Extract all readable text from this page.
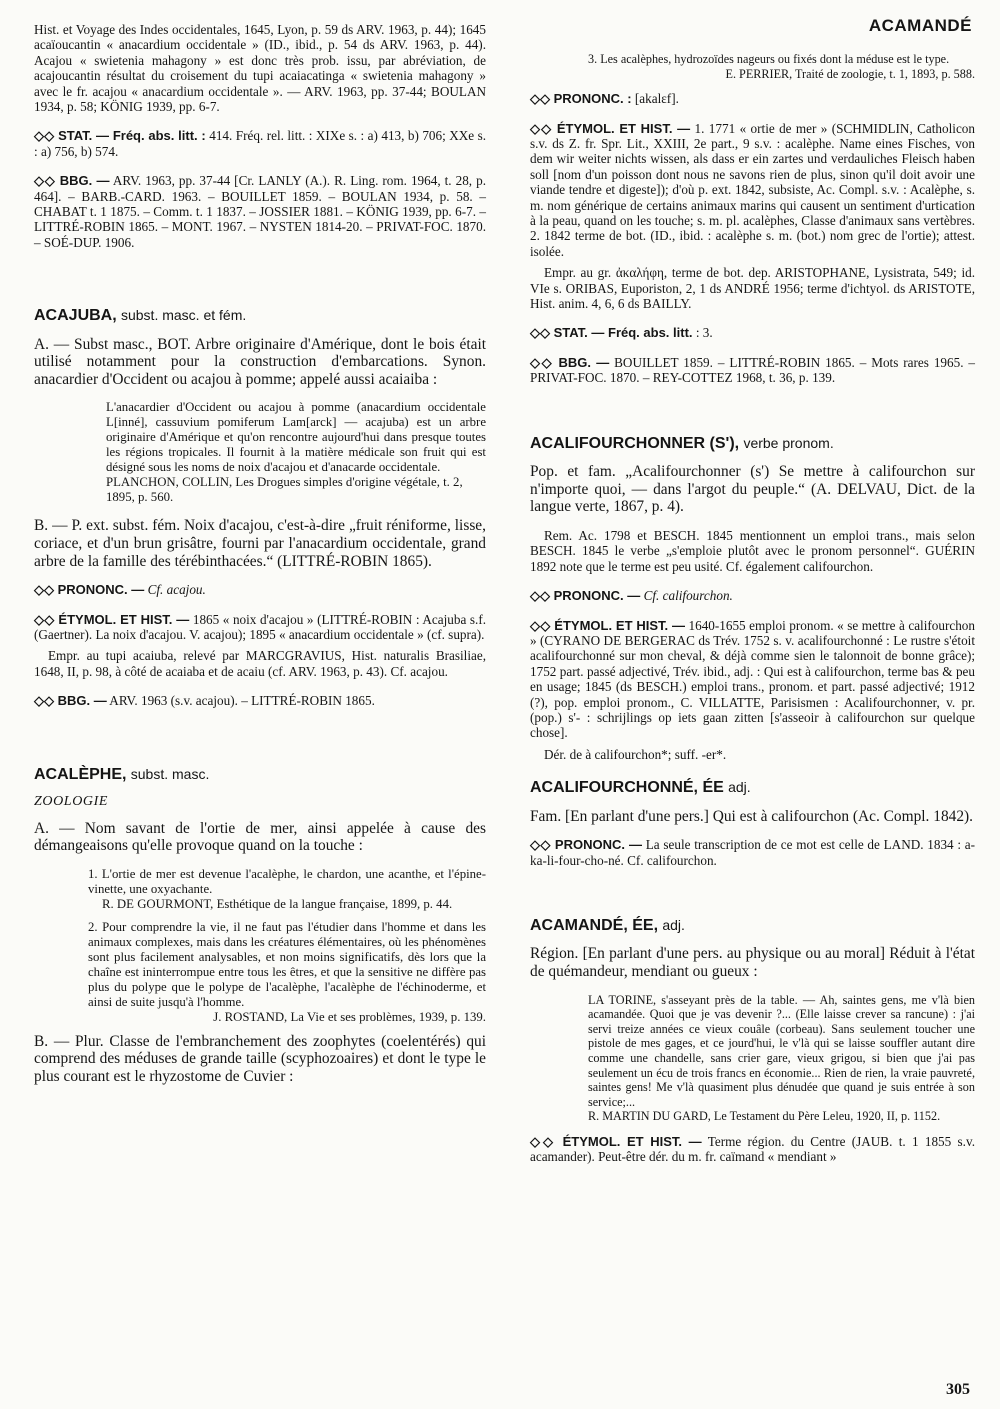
ACAMANDÉ

Hist. et Voyage des Indes occidentales, 1645, Lyon, p. 59 ds ARV. 1963, p. 44); 1645 acaïoucantin « anacardium occidentale » (ID., ibid., p. 54 ds ARV. 1963, p. 44). Acajou « swietenia mahagony » est donc très prob. issu, par abréviation, de acajoucantin résultat du croisement du tupi acaiacatinga « swietenia mahagony » avec le fr. acajou « anacardium occidentale ». — ARV. 1963, pp. 37-44; BOULAN 1934, p. 58; KÖNIG 1939, pp. 6-7.

◇◇ STAT. — Fréq. abs. litt. : 414. Fréq. rel. litt. : XIXe s. : a) 413, b) 706; XXe s. : a) 756, b) 574.

◇◇ BBG. — ARV. 1963, pp. 37-44 [Cr. LANLY (A.). R. Ling. rom. 1964, t. 28, p. 464]. – BARB.-CARD. 1963. – BOUILLET 1859. – BOULAN 1934, p. 58. – CHABAT t. 1 1875. – Comm. t. 1 1837. – JOSSIER 1881. – KÖNIG 1939, pp. 6-7. – LITTRÉ-ROBIN 1865. – MONT. 1967. – NYSTEN 1814-20. – PRIVAT-FOC. 1870. – SOÉ-DUP. 1906.

ACAJUBA, subst. masc. et fém.

A. — Subst masc., BOT. Arbre originaire d'Amérique, dont le bois était utilisé notamment pour la construction d'embarcations. Synon. anacardier d'Occident ou acajou à pomme; appelé aussi acaiaiba :

L'anacardier d'Occident ou acajou à pomme (anacardium occidentale L[inné], cassuvium pomiferum Lam[arck] — acajuba) est un arbre originaire d'Amérique et qu'on rencontre aujourd'hui dans presque toutes les régions tropicales. Il fournit à la matière médicale son fruit qui est désigné sous les noms de noix d'acajou et d'anacarde occidentale.

PLANCHON, COLLIN, Les Drogues simples d'origine végétale, t. 2, 1895, p. 560.

B. — P. ext. subst. fém. Noix d'acajou, c'est-à-dire „fruit réniforme, lisse, coriace, et d'un brun grisâtre, fourni par l'anacardium occidentale, grand arbre de la famille des térébinthacées.“ (LITTRÉ-ROBIN 1865).

◇◇ PRONONC. — Cf. acajou.

◇◇ ÉTYMOL. ET HIST. — 1865 « noix d'acajou » (LITTRÉ-ROBIN : Acajuba s.f. (Gaertner). La noix d'acajou. V. acajou); 1895 « anacardium occidentale » (cf. supra).

Empr. au tupi acaiuba, relevé par MARCGRAVIUS, Hist. naturalis Brasiliae, 1648, II, p. 98, à côté de acaiaba et de acaiu (cf. ARV. 1963, p. 43). Cf. acajou.

◇◇ BBG. — ARV. 1963 (s.v. acajou). – LITTRÉ-ROBIN 1865.

ACALÈPHE, subst. masc.

ZOOLOGIE

A. — Nom savant de l'ortie de mer, ainsi appelée à cause des démangeaisons qu'elle provoque quand on la touche :

1. L'ortie de mer est devenue l'acalèphe, le chardon, une acanthe, et l'épine-vinette, une oxyachante.

R. DE GOURMONT, Esthétique de la langue française, 1899, p. 44.

2. Pour comprendre la vie, il ne faut pas l'étudier dans l'homme et dans les animaux complexes, mais dans les créatures élémentaires, où les phénomènes sont plus facilement analysables, et non moins significatifs, dès lors que la chaîne est ininterrompue entre tous les êtres, et que la sensitive ne diffère pas plus du polype que le polype de l'acalèphe, l'acalèphe de l'échinoderme, et ainsi de suite jusqu'à l'homme.

J. ROSTAND, La Vie et ses problèmes, 1939, p. 139.

B. — Plur. Classe de l'embranchement des zoophytes (coelentérés) qui comprend des méduses de grande taille (scyphozoaires) et dont le type le plus courant est le rhyzostome de Cuvier :

3. Les acalèphes, hydrozoïdes nageurs ou fixés dont la méduse est le type.

E. PERRIER, Traité de zoologie, t. 1, 1893, p. 588.

◇◇ PRONONC. : [akalɛf].

◇◇ ÉTYMOL. ET HIST. — 1. 1771 « ortie de mer » (SCHMIDLIN, Catholicon s.v. ds Z. fr. Spr. Lit., XXIII, 2e part., 9 s.v. : acalèphe. Name eines Fisches, von dem wir weiter nichts wissen, als dass er ein zartes und verdauliches Fleisch haben soll [nom d'un poisson dont nous ne savons rien de plus, sinon qu'il doit avoir une viande tendre et digeste]); d'où p. ext. 1842, subsiste, Ac. Compl. s.v. : Acalèphe, s. m. nom générique de certains animaux marins qui causent un sentiment d'urtication à la peau, quand on les touche; s. m. pl. acalèphes, Classe d'animaux sans vertèbres. 2. 1842 terme de bot. (ID., ibid. : acalèphe s. m. (bot.) nom grec de l'ortie); attest. isolée.

Empr. au gr. ἀκαλήφη, terme de bot. dep. ARISTOPHANE, Lysistrata, 549; id. VIe s. ORIBAS, Euporiston, 2, 1 ds ANDRÉ 1956; terme d'ichtyol. ds ARISTOTE, Hist. anim. 4, 6, 6 ds BAILLY.

◇◇ STAT. — Fréq. abs. litt. : 3.

◇◇ BBG. — BOUILLET 1859. – LITTRÉ-ROBIN 1865. – Mots rares 1965. – PRIVAT-FOC. 1870. – REY-COTTEZ 1968, t. 36, p. 139.

ACALIFOURCHONNER (S'), verbe pronom.

Pop. et fam. „Acalifourchonner (s') Se mettre à califourchon sur n'importe quoi, — dans l'argot du peuple.“ (A. DELVAU, Dict. de la langue verte, 1867, p. 4).

Rem. Ac. 1798 et BESCH. 1845 mentionnent un emploi trans., mais selon BESCH. 1845 le verbe „s'emploie plutôt avec le pronom personnel“. GUÉRIN 1892 note que le terme est peu usité. Cf. également califourchon.

◇◇ PRONONC. — Cf. califourchon.

◇◇ ÉTYMOL. ET HIST. — 1640-1655 emploi pronom. « se mettre à califourchon » (CYRANO DE BERGERAC ds Trév. 1752 s. v. acalifourchonné : Le rustre s'étoit acalifourchonné sur mon cheval, & déjà comme sien le talonnoit de bonne grâce); 1752 part. passé adjectivé, Trév. ibid., adj. : Qui est à califourchon, terme bas & peu en usage; 1845 (ds BESCH.) emploi trans., pronom. et part. passé adjectivé; 1912 (?), pop. emploi pronom., C. VILLATTE, Parisismen : Acalifourchonner, v. pr. (pop.) s'- : schrijlings op iets gaan zitten [s'asseoir à califourchon sur quelque chose].

Dér. de à califourchon*; suff. -er*.

ACALIFOURCHONNÉ, ÉE adj.

Fam. [En parlant d'une pers.] Qui est à califourchon (Ac. Compl. 1842).

◇◇ PRONONC. — La seule transcription de ce mot est celle de LAND. 1834 : a-ka-li-four-cho-né. Cf. califourchon.

ACAMANDÉ, ÉE, adj.

Région. [En parlant d'une pers. au physique ou au moral] Réduit à l'état de quémandeur, mendiant ou gueux :

LA TORINE, s'asseyant près de la table. — Ah, saintes gens, me v'là bien acamandée. Quoi que je vas devenir ?... (Elle laisse crever sa rancune) : j'ai servi treize années ce vieux couâle (corbeau). Sans seulement toucher une pistole de mes gages, et ce jourd'hui, le v'là qui se laisse souffler autant dire comme une chandelle, sans crier gare, vieux grigou, si bien que j'ai pas seulement un écu de trois francs en économie... Rien de rien, la vraie pauvreté, saintes gens! Me v'là quasiment plus dénudée que quand je suis entrée à son service;...

R. MARTIN DU GARD, Le Testament du Père Leleu, 1920, II, p. 1152.

◇◇ ÉTYMOL. ET HIST. — Terme région. du Centre (JAUB. t. 1 1855 s.v. acamander). Peut-être dér. du m. fr. caïmand « mendiant »

305
